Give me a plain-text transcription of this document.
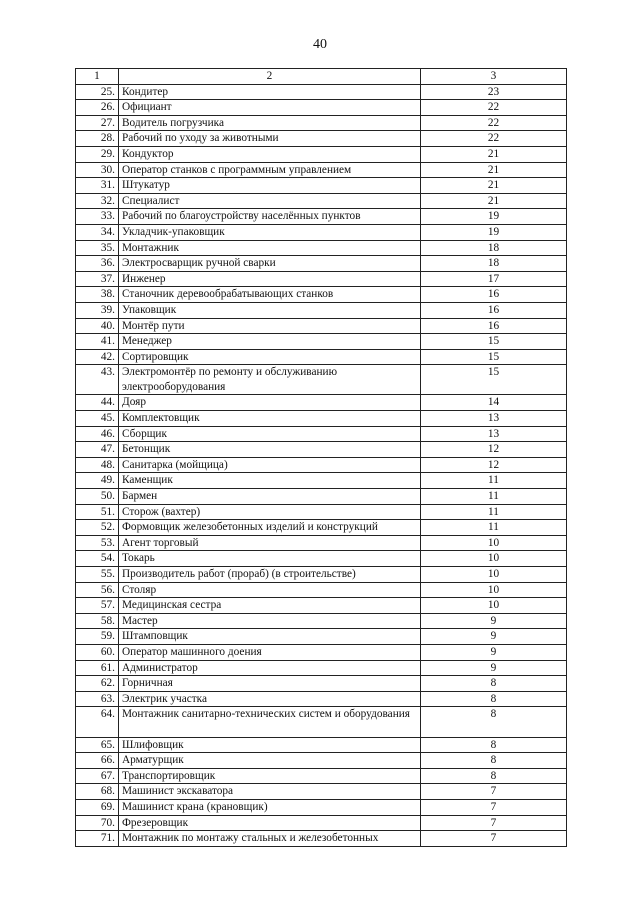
40
1	2	3
25.	Кондитер	23
26.	Официант	22
27.	Водитель погрузчика	22
28.	Рабочий по уходу за животными	22
29.	Кондуктор	21
30.	Оператор станков с программным управлением	21
31.	Штукатур	21
32.	Специалист	21
33.	Рабочий по благоустройству населённых пунктов	19
34.	Укладчик-упаковщик	19
35.	Монтажник	18
36.	Электросварщик ручной сварки	18
37.	Инженер	17
38.	Станочник деревообрабатывающих станков	16
39.	Упаковщик	16
40.	Монтёр пути	16
41.	Менеджер	15
42.	Сортировщик	15
43.	Электромонтёр по ремонту и обслуживанию электрооборудования	15
44.	Дояр	14
45.	Комплектовщик	13
46.	Сборщик	13
47.	Бетонщик	12
48.	Санитарка (мойщица)	12
49.	Каменщик	11
50.	Бармен	11
51.	Сторож (вахтер)	11
52.	Формовщик железобетонных изделий и конструкций	11
53.	Агент торговый	10
54.	Токарь	10
55.	Производитель работ (прораб) (в строительстве)	10
56.	Столяр	10
57.	Медицинская сестра	10
58.	Мастер	9
59.	Штамповщик	9
60.	Оператор машинного доения	9
61.	Администратор	9
62.	Горничная	8
63.	Электрик участка	8
64.	Монтажник санитарно-технических систем и оборудования	8
65.	Шлифовщик	8
66.	Арматурщик	8
67.	Транспортировщик	8
68.	Машинист экскаватора	7
69.	Машинист крана (крановщик)	7
70.	Фрезеровщик	7
71.	Монтажник по монтажу стальных и железобетонных	7
